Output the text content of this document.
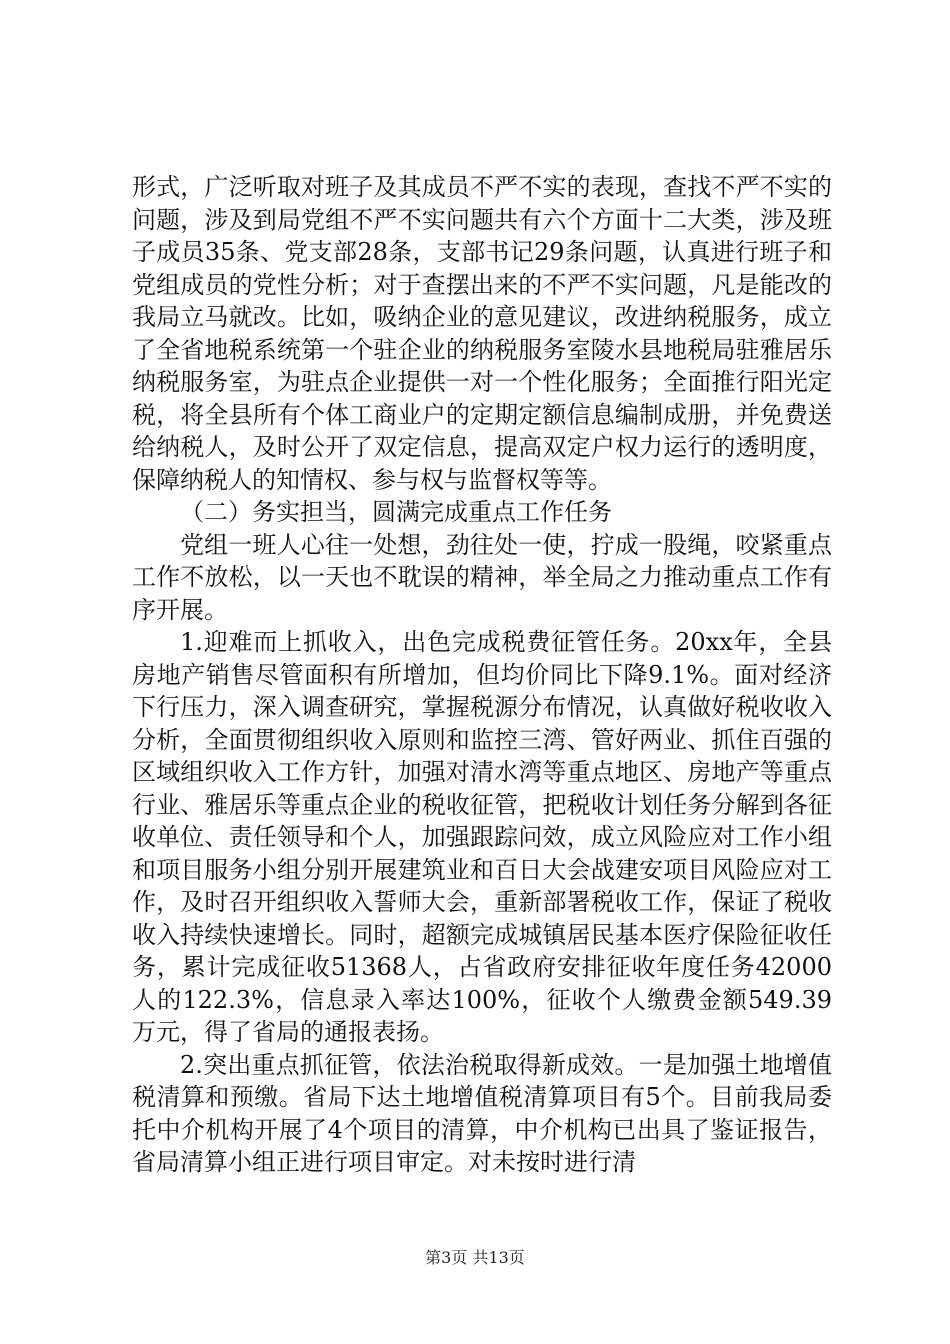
形式，广泛听取对班子及其成员不严不实的表现，查找不严不实的问题，涉及到局党组不严不实问题共有六个方面十二大类，涉及班子成员35条、党支部28条，支部书记29条问题，认真进行班子和党组成员的党性分析；对于查摆出来的不严不实问题，凡是能改的我局立马就改。比如，吸纳企业的意见建议，改进纳税服务，成立了全省地税系统第一个驻企业的纳税服务室陵水县地税局驻雅居乐纳税服务室，为驻点企业提供一对一个性化服务；全面推行阳光定税，将全县所有个体工商业户的定期定额信息编制成册，并免费送给纳税人，及时公开了双定信息，提高双定户权力运行的透明度，保障纳税人的知情权、参与权与监督权等等。

（二）务实担当，圆满完成重点工作任务

党组一班人心往一处想，劲往处一使，拧成一股绳，咬紧重点工作不放松，以一天也不耽误的精神，举全局之力推动重点工作有序开展。

1.迎难而上抓收入，出色完成税费征管任务。20xx年，全县房地产销售尽管面积有所增加，但均价同比下降9.1%。面对经济下行压力，深入调查研究，掌握税源分布情况，认真做好税收收入分析，全面贯彻组织收入原则和监控三湾、管好两业、抓住百强的区域组织收入工作方针，加强对清水湾等重点地区、房地产等重点行业、雅居乐等重点企业的税收征管，把税收计划任务分解到各征收单位、责任领导和个人，加强跟踪问效，成立风险应对工作小组和项目服务小组分别开展建筑业和百日大会战建安项目风险应对工作，及时召开组织收入誓师大会，重新部署税收工作，保证了税收收入持续快速增长。同时，超额完成城镇居民基本医疗保险征收任务，累计完成征收51368人，占省政府安排征收年度任务42000人的122.3%，信息录入率达100%，征收个人缴费金额549.39万元，得了省局的通报表扬。

2.突出重点抓征管，依法治税取得新成效。一是加强土地增值税清算和预缴。省局下达土地增值税清算项目有5个。目前我局委托中介机构开展了4个项目的清算，中介机构已出具了鉴证报告，省局清算小组正进行项目审定。对未按时进行清

第3页 共13页
